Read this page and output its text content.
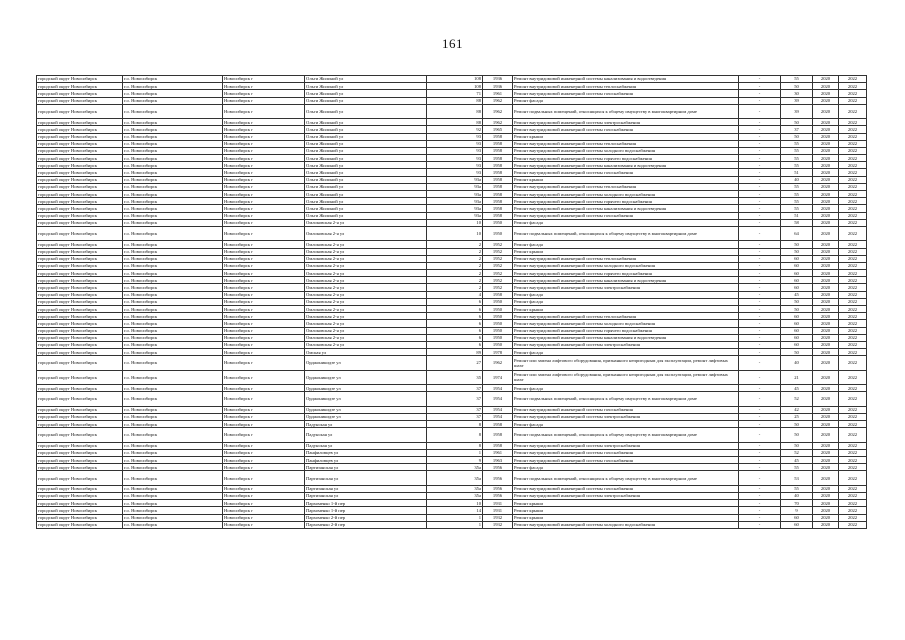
161
городской округ Новосибирск	г.о. Новосибирск	Новосибирск г	Ольги Жилиной ул	108	1936	Ремонт внутридомовой инженерной системы канализования и водоотведения	-	55	2020	2022
городской округ Новосибирск	г.о. Новосибирск	Новосибирск г	Ольги Жилиной ул	108	1936	Ремонт внутридомовой инженерной системы теплоснабжения	-	50	2020	2022
городской округ Новосибирск	г.о. Новосибирск	Новосибирск г	Ольги Жилиной ул	71	1961	Ремонт внутридомовой инженерной системы газоснабжения	-	30	2020	2022
городской округ Новосибирск	г.о. Новосибирск	Новосибирск г	Ольги Жилиной ул	88	1962	Ремонт фасада	-	39	2020	2022
городской округ Новосибирск	г.о. Новосибирск	Новосибирск г	Ольги Жилиной ул	88	1962	Ремонт подвальных помещений, относящихся к общему имуществу в многоквартирном доме	-	39	2020	2022
городской округ Новосибирск	г.о. Новосибирск	Новосибирск г	Ольги Жилиной ул	88	1962	Ремонт внутридомовой инженерной системы электроснабжения	-	50	2020	2022
городской округ Новосибирск	г.о. Новосибирск	Новосибирск г	Ольги Жилиной ул	92	1965	Ремонт внутридомовой инженерной системы газоснабжения	-	37	2020	2022
городской округ Новосибирск	г.о. Новосибирск	Новосибирск г	Ольги Жилиной ул	93	1958	Ремонт крыши	-	50	2020	2022
городской округ Новосибирск	г.о. Новосибирск	Новосибирск г	Ольги Жилиной ул	93	1958	Ремонт внутридомовой инженерной системы теплоснабжения	-	55	2020	2022
городской округ Новосибирск	г.о. Новосибирск	Новосибирск г	Ольги Жилиной ул	93	1958	Ремонт внутридомовой инженерной системы холодного водоснабжения	-	55	2020	2022
городской округ Новосибирск	г.о. Новосибирск	Новосибирск г	Ольги Жилиной ул	93	1958	Ремонт внутридомовой инженерной системы горячего водоснабжения	-	55	2020	2022
городской округ Новосибирск	г.о. Новосибирск	Новосибирск г	Ольги Жилиной ул	93	1958	Ремонт внутридомовой инженерной системы канализования и водоотведения	-	55	2020	2022
городской округ Новосибирск	г.о. Новосибирск	Новосибирск г	Ольги Жилиной ул	93	1958	Ремонт внутридомовой инженерной системы газоснабжения	-	51	2020	2022
городской округ Новосибирск	г.о. Новосибирск	Новосибирск г	Ольги Жилиной ул	93а	1958	Ремонт крыши	-	40	2020	2022
городской округ Новосибирск	г.о. Новосибирск	Новосибирск г	Ольги Жилиной ул	93а	1958	Ремонт внутридомовой инженерной системы теплоснабжения	-	55	2020	2022
городской округ Новосибирск	г.о. Новосибирск	Новосибирск г	Ольги Жилиной ул	93а	1958	Ремонт внутридомовой инженерной системы холодного водоснабжения	-	55	2020	2022
городской округ Новосибирск	г.о. Новосибирск	Новосибирск г	Ольги Жилиной ул	93а	1958	Ремонт внутридомовой инженерной системы горячего водоснабжения	-	55	2020	2022
городской округ Новосибирск	г.о. Новосибирск	Новосибирск г	Ольги Жилиной ул	93а	1958	Ремонт внутридомовой инженерной системы канализования и водоотведения	-	55	2020	2022
городской округ Новосибирск	г.о. Новосибирск	Новосибирск г	Ольги Жилиной ул	93а	1958	Ремонт внутридомовой инженерной системы газоснабжения	-	51	2020	2022
городской округ Новосибирск	г.о. Новосибирск	Новосибирск г	Омлоковская 2-я ул	10	1950	Ремонт фасада	-	58	2020	2022
городской округ Новосибирск	г.о. Новосибирск	Новосибирск г	Омлоковская 2-я ул	10	1950	Ремонт подвальных помещений, относящихся к общему имуществу в многоквартирном доме	-	64	2020	2022
городской округ Новосибирск	г.о. Новосибирск	Новосибирск г	Омлоковская 2-я ул	2	1952	Ремонт фасада	-	50	2020	2022
городской округ Новосибирск	г.о. Новосибирск	Новосибирск г	Омлоковская 2-я ул	2	1952	Ремонт крыши	-	50	2020	2022
городской округ Новосибирск	г.о. Новосибирск	Новосибирск г	Омлоковская 2-я ул	2	1952	Ремонт внутридомовой инженерной системы теплоснабжения	-	60	2020	2022
городской округ Новосибирск	г.о. Новосибирск	Новосибирск г	Омлоковская 2-я ул	2	1952	Ремонт внутридомовой инженерной системы холодного водоснабжения	-	60	2020	2022
городской округ Новосибирск	г.о. Новосибирск	Новосибирск г	Омлоковская 2-я ул	2	1952	Ремонт внутридомовой инженерной системы горячего водоснабжения	-	60	2020	2022
городской округ Новосибирск	г.о. Новосибирск	Новосибирск г	Омлоковская 2-я ул	2	1952	Ремонт внутридомовой инженерной системы канализования и водоотведения	-	60	2020	2022
городской округ Новосибирск	г.о. Новосибирск	Новосибирск г	Омлоковская 2-я ул	2	1952	Ремонт внутридомовой инженерной системы электроснабжения	-	60	2020	2022
городской округ Новосибирск	г.о. Новосибирск	Новосибирск г	Омлоковская 2-я ул	4	1958	Ремонт фасада	-	45	2020	2022
городской округ Новосибирск	г.о. Новосибирск	Новосибирск г	Омлоковская 2-я ул	6	1950	Ремонт фасада	-	50	2020	2022
городской округ Новосибирск	г.о. Новосибирск	Новосибирск г	Омлоковская 2-я ул	6	1950	Ремонт крыши	-	50	2020	2022
городской округ Новосибирск	г.о. Новосибирск	Новосибирск г	Омлоковская 2-я ул	6	1950	Ремонт внутридомовой инженерной системы теплоснабжения	-	60	2020	2022
городской округ Новосибирск	г.о. Новосибирск	Новосибирск г	Омлоковская 2-я ул	6	1950	Ремонт внутридомовой инженерной системы холодного водоснабжения	-	60	2020	2022
городской округ Новосибирск	г.о. Новосибирск	Новосибирск г	Омлоковская 2-я ул	6	1950	Ремонт внутридомовой инженерной системы горячего водоснабжения	-	60	2020	2022
городской округ Новосибирск	г.о. Новосибирск	Новосибирск г	Омлоковская 2-я ул	6	1950	Ремонт внутридомовой инженерной системы канализования и водоотведения	-	60	2020	2022
городской округ Новосибирск	г.о. Новосибирск	Новосибирск г	Омлоковская 2-я ул	6	1950	Ремонт внутридомовой инженерной системы электроснабжения	-	60	2020	2022
городской округ Новосибирск	г.о. Новосибирск	Новосибирск г	Омская ул	89	1978	Ремонт фасада	-	50	2020	2022
городской округ Новосибирск	г.о. Новосибирск	Новосибирск г	Орджоникидзе ул	27	1962	Ремонт или замена лифтового оборудования, признанного непригодным для эксплуатации, ремонт лифтовых шахт	-	40	2020	2022
городской округ Новосибирск	г.о. Новосибирск	Новосибирск г	Орджоникидзе ул	35	1974	Ремонт или замена лифтового оборудования, признанного непригодным для эксплуатации, ремонт лифтовых шахт	-	21	2020	2022
городской округ Новосибирск	г.о. Новосибирск	Новосибирск г	Орджоникидзе ул	37	1954	Ремонт фасада	-	45	2020	2022
городской округ Новосибирск	г.о. Новосибирск	Новосибирск г	Орджоникидзе ул	37	1954	Ремонт подвальных помещений, относящихся к общему имуществу в многоквартирном доме	-	52	2020	2022
городской округ Новосибирск	г.о. Новосибирск	Новосибирск г	Орджоникидзе ул	37	1954	Ремонт внутридомовой инженерной системы газоснабжения	-	42	2020	2022
городской округ Новосибирск	г.о. Новосибирск	Новосибирск г	Орджоникидзе ул	37	1954	Ремонт внутридомовой инженерной системы электроснабжения	-	25	2020	2022
городской округ Новосибирск	г.о. Новосибирск	Новосибирск г	Падунская ул	8	1958	Ремонт фасада	-	50	2020	2022
городской округ Новосибирск	г.о. Новосибирск	Новосибирск г	Падунская ул	8	1958	Ремонт подвальных помещений, относящихся к общему имуществу в многоквартирном доме	-	50	2020	2022
городской округ Новосибирск	г.о. Новосибирск	Новосибирск г	Падунская ул	8	1958	Ремонт внутридомовой инженерной системы электроснабжения	-	50	2020	2022
городской округ Новосибирск	г.о. Новосибирск	Новосибирск г	Панфиловцев ул	1	1961	Ремонт внутридомовой инженерной системы газоснабжения	-	52	2020	2022
городской округ Новосибирск	г.о. Новосибирск	Новосибирск г	Панфиловцев ул	9	1963	Ремонт внутридомовой инженерной системы газоснабжения	-	45	2020	2022
городской округ Новосибирск	г.о. Новосибирск	Новосибирск г	Партизанская ул	35а	1956	Ремонт фасада	-	55	2020	2022
городской округ Новосибирск	г.о. Новосибирск	Новосибирск г	Партизанская ул	35а	1956	Ремонт подвальных помещений, относящихся к общему имуществу в многоквартирном доме	-	53	2020	2022
городской округ Новосибирск	г.о. Новосибирск	Новосибирск г	Партизанская ул	35а	1956	Ремонт внутридомовой инженерной системы газоснабжения	-	55	2020	2022
городской округ Новосибирск	г.о. Новосибирск	Новосибирск г	Партизанская ул	35а	1956	Ремонт внутридомовой инженерной системы электроснабжения	-	40	2020	2022
городской округ Новосибирск	г.о. Новосибирск	Новосибирск г	Пархоменко 1-й пер	10	1931	Ремонт крыши	-	70	2020	2022
городской округ Новосибирск	г.о. Новосибирск	Новосибирск г	Пархоменко 1-й пер	14	1931	Ремонт крыши	-	9	2020	2022
городской округ Новосибирск	г.о. Новосибирск	Новосибирск г	Пархоменко 2-й пер	1	1932	Ремонт крыши	-	60	2020	2022
городской округ Новосибирск	г.о. Новосибирск	Новосибирск г	Пархоменко 2-й пер	1	1932	Ремонт внутридомовой инженерной системы холодного водоснабжения	-	60	2020	2022
